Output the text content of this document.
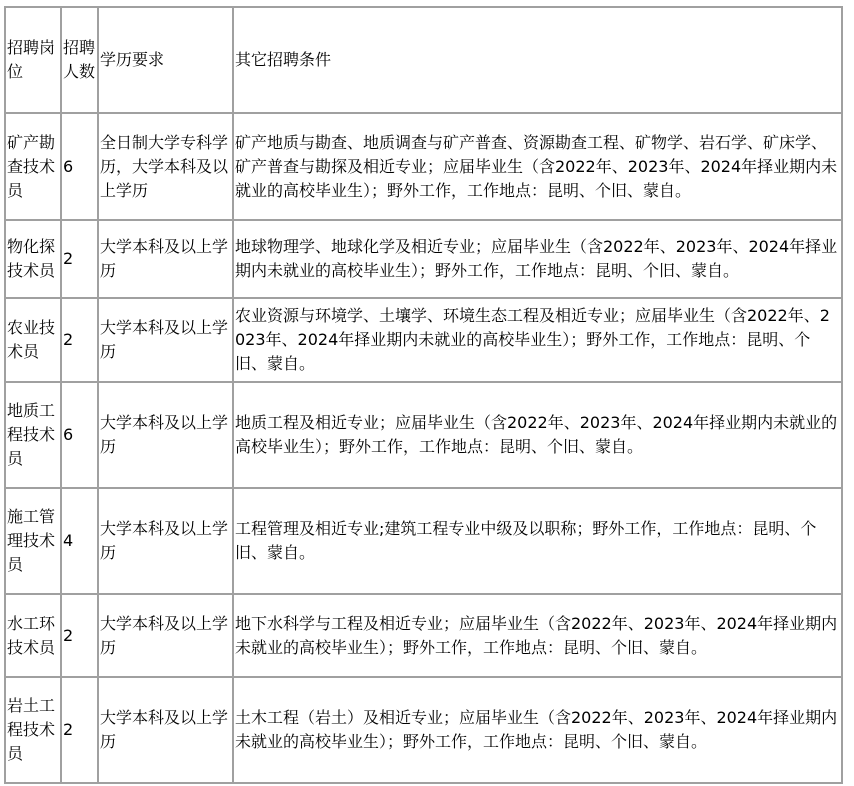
招聘岗位	招聘人数	学历要求	其它招聘条件
矿产勘查技术员	6	全日制大学专科学历，大学本科及以上学历	矿产地质与勘查、地质调查与矿产普查、资源勘查工程、矿物学、岩石学、矿床学、矿产普查与勘探及相近专业；应届毕业生（含2022年、2023年、2024年择业期内未就业的高校毕业生）；野外工作，工作地点：昆明、个旧、蒙自。
物化探技术员	2	大学本科及以上学历	地球物理学、地球化学及相近专业；应届毕业生（含2022年、2023年、2024年择业期内未就业的高校毕业生）；野外工作，工作地点：昆明、个旧、蒙自。
农业技术员	2	大学本科及以上学历	农业资源与环境学、土壤学、环境生态工程及相近专业；应届毕业生（含2022年、2023年、2024年择业期内未就业的高校毕业生）；野外工作，工作地点：昆明、个旧、蒙自。
地质工程技术员	6	大学本科及以上学历	地质工程及相近专业；应届毕业生（含2022年、2023年、2024年择业期内未就业的高校毕业生）；野外工作，工作地点：昆明、个旧、蒙自。
施工管理技术员	4	大学本科及以上学历	工程管理及相近专业;建筑工程专业中级及以职称；野外工作，工作地点：昆明、个旧、蒙自。
水工环技术员	2	大学本科及以上学历	地下水科学与工程及相近专业；应届毕业生（含2022年、2023年、2024年择业期内未就业的高校毕业生）；野外工作，工作地点：昆明、个旧、蒙自。
岩土工程技术员	2	大学本科及以上学历	土木工程（岩土）及相近专业；应届毕业生（含2022年、2023年、2024年择业期内未就业的高校毕业生）；野外工作，工作地点：昆明、个旧、蒙自。
